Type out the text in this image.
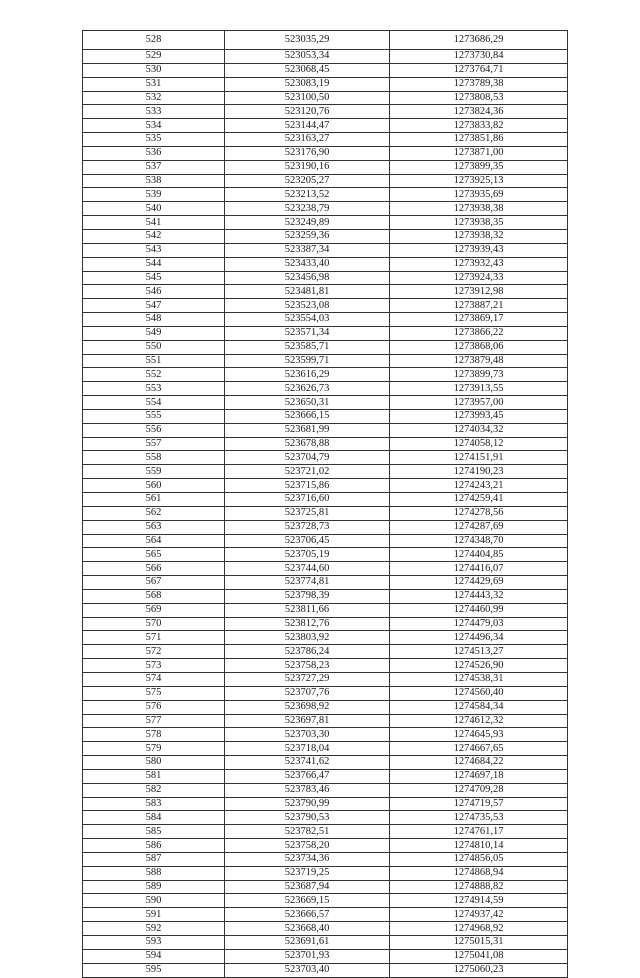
528	523035,29	1273686,29
529	523053,34	1273730,84
530	523068,45	1273764,71
531	523083,19	1273789,38
532	523100,50	1273808,53
533	523120,76	1273824,36
534	523144,47	1273833,82
535	523163,27	1273851,86
536	523176,90	1273871,00
537	523190,16	1273899,35
538	523205,27	1273925,13
539	523213,52	1273935,69
540	523238,79	1273938,38
541	523249,89	1273938,35
542	523259,36	1273938,32
543	523387,34	1273939,43
544	523433,40	1273932,43
545	523456,98	1273924,33
546	523481,81	1273912,98
547	523523,08	1273887,21
548	523554,03	1273869,17
549	523571,34	1273866,22
550	523585,71	1273868,06
551	523599,71	1273879,48
552	523616,29	1273899,73
553	523626,73	1273913,55
554	523650,31	1273957,00
555	523666,15	1273993,45
556	523681,99	1274034,32
557	523678,88	1274058,12
558	523704,79	1274151,91
559	523721,02	1274190,23
560	523715,86	1274243,21
561	523716,60	1274259,41
562	523725,81	1274278,56
563	523728,73	1274287,69
564	523706,45	1274348,70
565	523705,19	1274404,85
566	523744,60	1274416,07
567	523774,81	1274429,69
568	523798,39	1274443,32
569	523811,66	1274460,99
570	523812,76	1274479,03
571	523803,92	1274496,34
572	523786,24	1274513,27
573	523758,23	1274526,90
574	523727,29	1274538,31
575	523707,76	1274560,40
576	523698,92	1274584,34
577	523697,81	1274612,32
578	523703,30	1274645,93
579	523718,04	1274667,65
580	523741,62	1274684,22
581	523766,47	1274697,18
582	523783,46	1274709,28
583	523790,99	1274719,57
584	523790,53	1274735,53
585	523782,51	1274761,17
586	523758,20	1274810,14
587	523734,36	1274856,05
588	523719,25	1274868,94
589	523687,94	1274888,82
590	523669,15	1274914,59
591	523666,57	1274937,42
592	523668,40	1274968,92
593	523691,61	1275015,31
594	523701,93	1275041,08
595	523703,40	1275060,23
